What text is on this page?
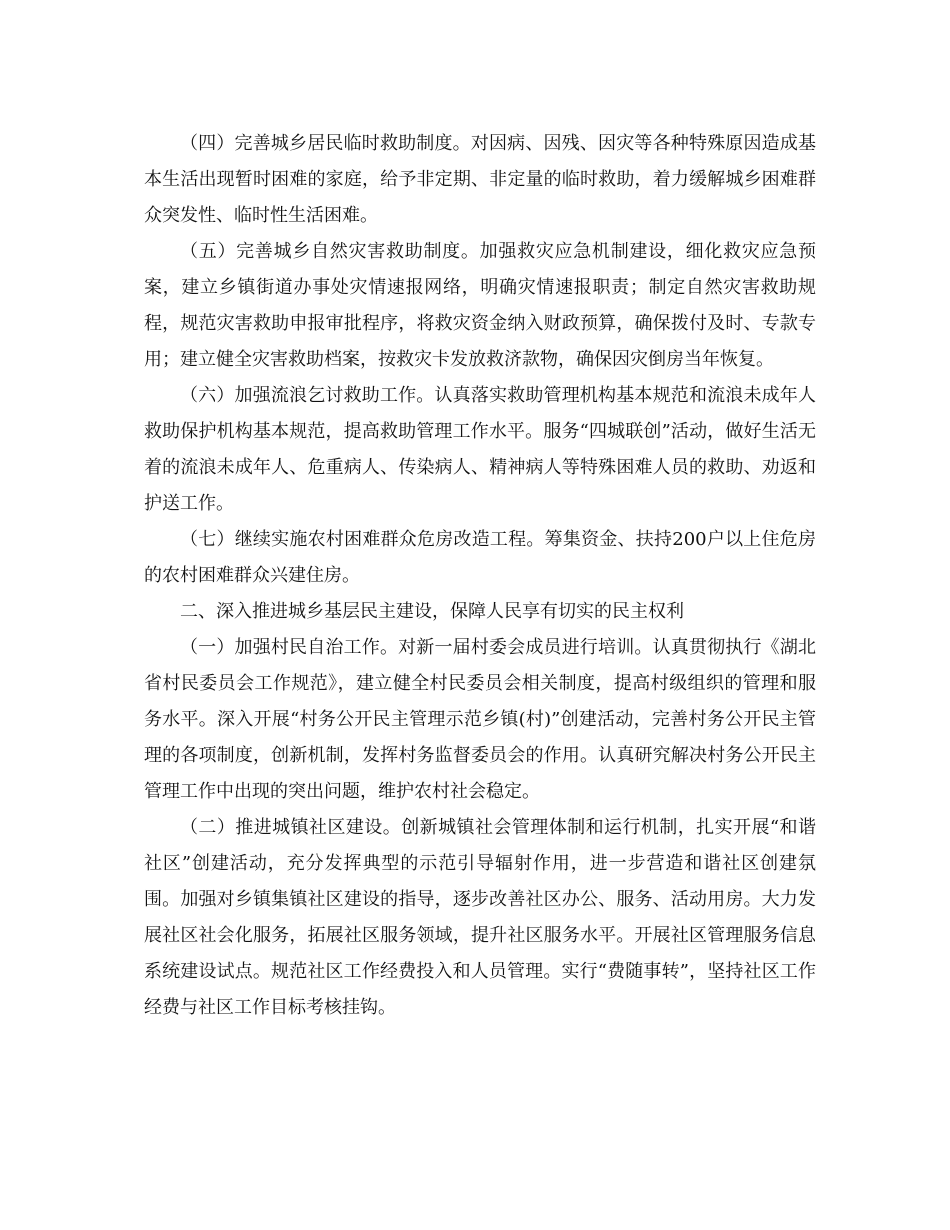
（四）完善城乡居民临时救助制度。对因病、因残、因灾等各种特殊原因造成基本生活出现暂时困难的家庭，给予非定期、非定量的临时救助，着力缓解城乡困难群众突发性、临时性生活困难。

（五）完善城乡自然灾害救助制度。加强救灾应急机制建设，细化救灾应急预案，建立乡镇街道办事处灾情速报网络，明确灾情速报职责；制定自然灾害救助规程，规范灾害救助申报审批程序，将救灾资金纳入财政预算，确保拨付及时、专款专用；建立健全灾害救助档案，按救灾卡发放救济款物，确保因灾倒房当年恢复。

（六）加强流浪乞讨救助工作。认真落实救助管理机构基本规范和流浪未成年人救助保护机构基本规范，提高救助管理工作水平。服务“四城联创”活动，做好生活无着的流浪未成年人、危重病人、传染病人、精神病人等特殊困难人员的救助、劝返和护送工作。

（七）继续实施农村困难群众危房改造工程。筹集资金、扶持200户以上住危房的农村困难群众兴建住房。

二、深入推进城乡基层民主建设，保障人民享有切实的民主权利

（一）加强村民自治工作。对新一届村委会成员进行培训。认真贯彻执行《湖北省村民委员会工作规范》，建立健全村民委员会相关制度，提高村级组织的管理和服务水平。深入开展“村务公开民主管理示范乡镇(村)”创建活动，完善村务公开民主管理的各项制度，创新机制，发挥村务监督委员会的作用。认真研究解决村务公开民主管理工作中出现的突出问题，维护农村社会稳定。

（二）推进城镇社区建设。创新城镇社会管理体制和运行机制，扎实开展“和谐社区”创建活动，充分发挥典型的示范引导辐射作用，进一步营造和谐社区创建氛围。加强对乡镇集镇社区建设的指导，逐步改善社区办公、服务、活动用房。大力发展社区社会化服务，拓展社区服务领域，提升社区服务水平。开展社区管理服务信息系统建设试点。规范社区工作经费投入和人员管理。实行“费随事转”，坚持社区工作经费与社区工作目标考核挂钩。
